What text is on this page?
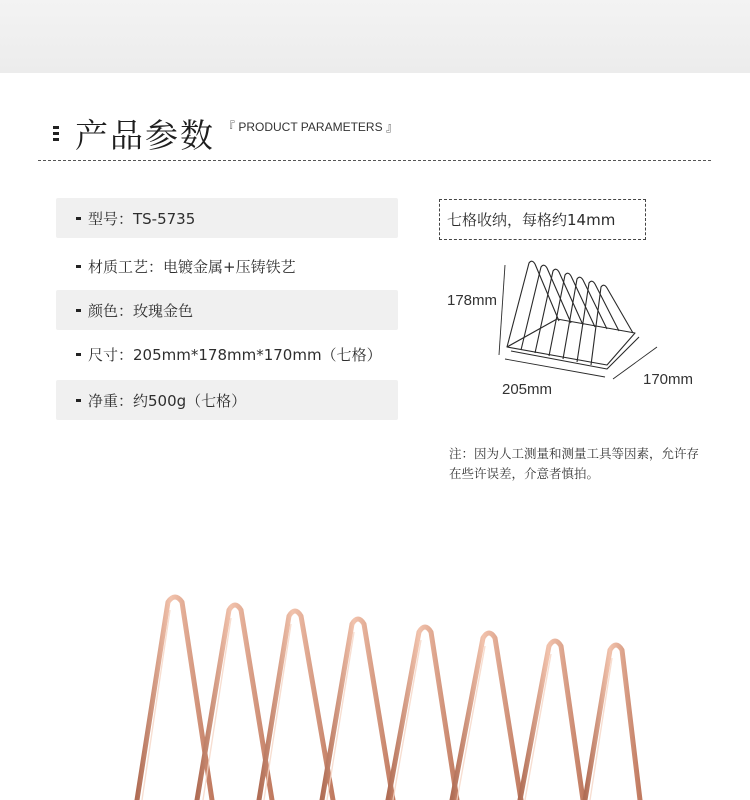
产品参数 『 PRODUCT PARAMETERS 』
型号：TS-5735
材质工艺：电镀金属+压铸铁艺
颜色：玫瑰金色
尺寸：205mm*178mm*170mm（七格）
净重：约500g（七格）
七格收纳，每格约14mm
178mm
205mm
170mm
注：因为人工测量和测量工具等因素，允许存在些许误差，介意者慎拍。
